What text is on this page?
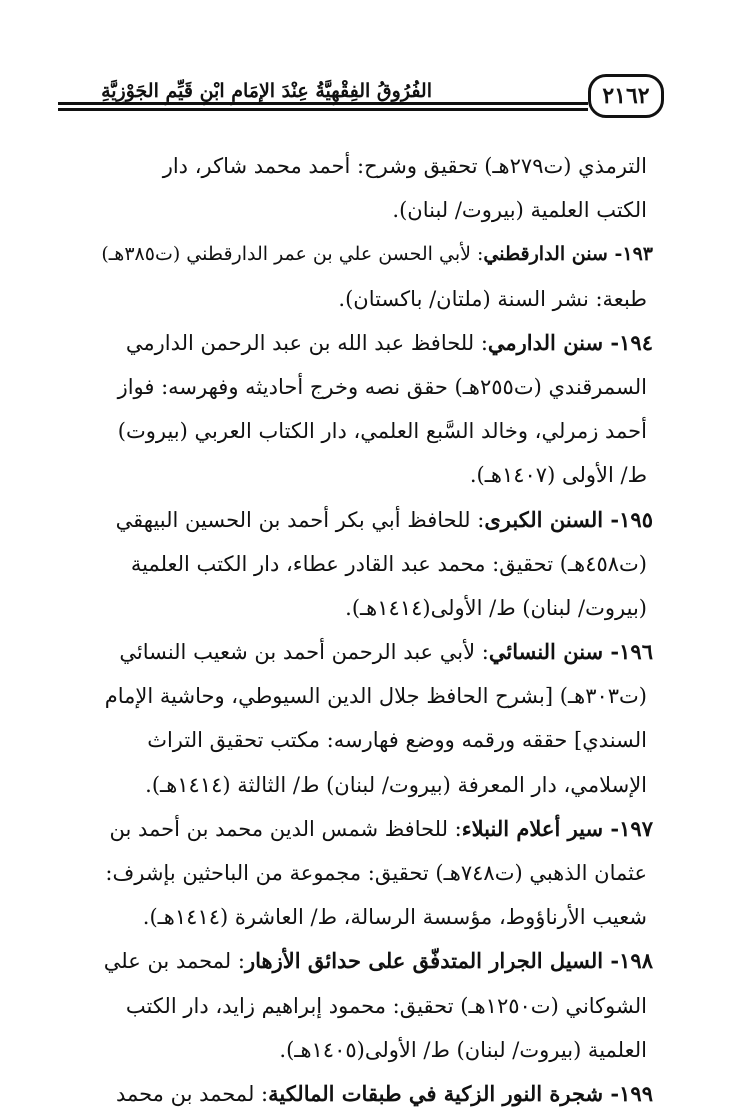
٢١٦٢
الفُرُوقُ الفِقْهِيَّةُ عِنْدَ الإِمَامِ ابْنِ قَيِّمِ الجَوْزِيَّةِ
الترمذي (ت٢٧٩هـ) تحقيق وشرح: أحمد محمد شاكر، دار
الكتب العلمية (بيروت/ لبنان).
١٩٣- سنن الدارقطني: لأبي الحسن علي بن عمر الدارقطني (ت٣٨٥هـ)
طبعة: نشر السنة (ملتان/ باكستان).
١٩٤- سنن الدارمي: للحافظ عبد الله بن عبد الرحمن الدارمي
السمرقندي (ت٢٥٥هـ) حقق نصه وخرج أحاديثه وفهرسه: فواز
أحمد زمرلي، وخالد السَّبع العلمي، دار الكتاب العربي (بيروت)
ط/ الأولى (١٤٠٧هـ).
١٩٥- السنن الكبرى: للحافظ أبي بكر أحمد بن الحسين البيهقي
(ت٤٥٨هـ) تحقيق: محمد عبد القادر عطاء، دار الكتب العلمية
(بيروت/ لبنان) ط/ الأولى(١٤١٤هـ).
١٩٦- سنن النسائي: لأبي عبد الرحمن أحمد بن شعيب النسائي
(ت٣٠٣هـ) [بشرح الحافظ جلال الدين السيوطي، وحاشية الإمام
السندي] حققه ورقمه ووضع فهارسه: مكتب تحقيق التراث
الإسلامي، دار المعرفة (بيروت/ لبنان) ط/ الثالثة (١٤١٤هـ).
١٩٧- سير أعلام النبلاء: للحافظ شمس الدين محمد بن أحمد بن
عثمان الذهبي (ت٧٤٨هـ) تحقيق: مجموعة من الباحثين بإشرف:
شعيب الأرناؤوط، مؤسسة الرسالة، ط/ العاشرة (١٤١٤هـ).
١٩٨- السيل الجرار المتدفّق على حدائق الأزهار: لمحمد بن علي
الشوكاني (ت١٢٥٠هـ) تحقيق: محمود إبراهيم زايد، دار الكتب
العلمية (بيروت/ لبنان) ط/ الأولى(١٤٠٥هـ).
١٩٩- شجرة النور الزكية في طبقات المالكية: لمحمد بن محمد
